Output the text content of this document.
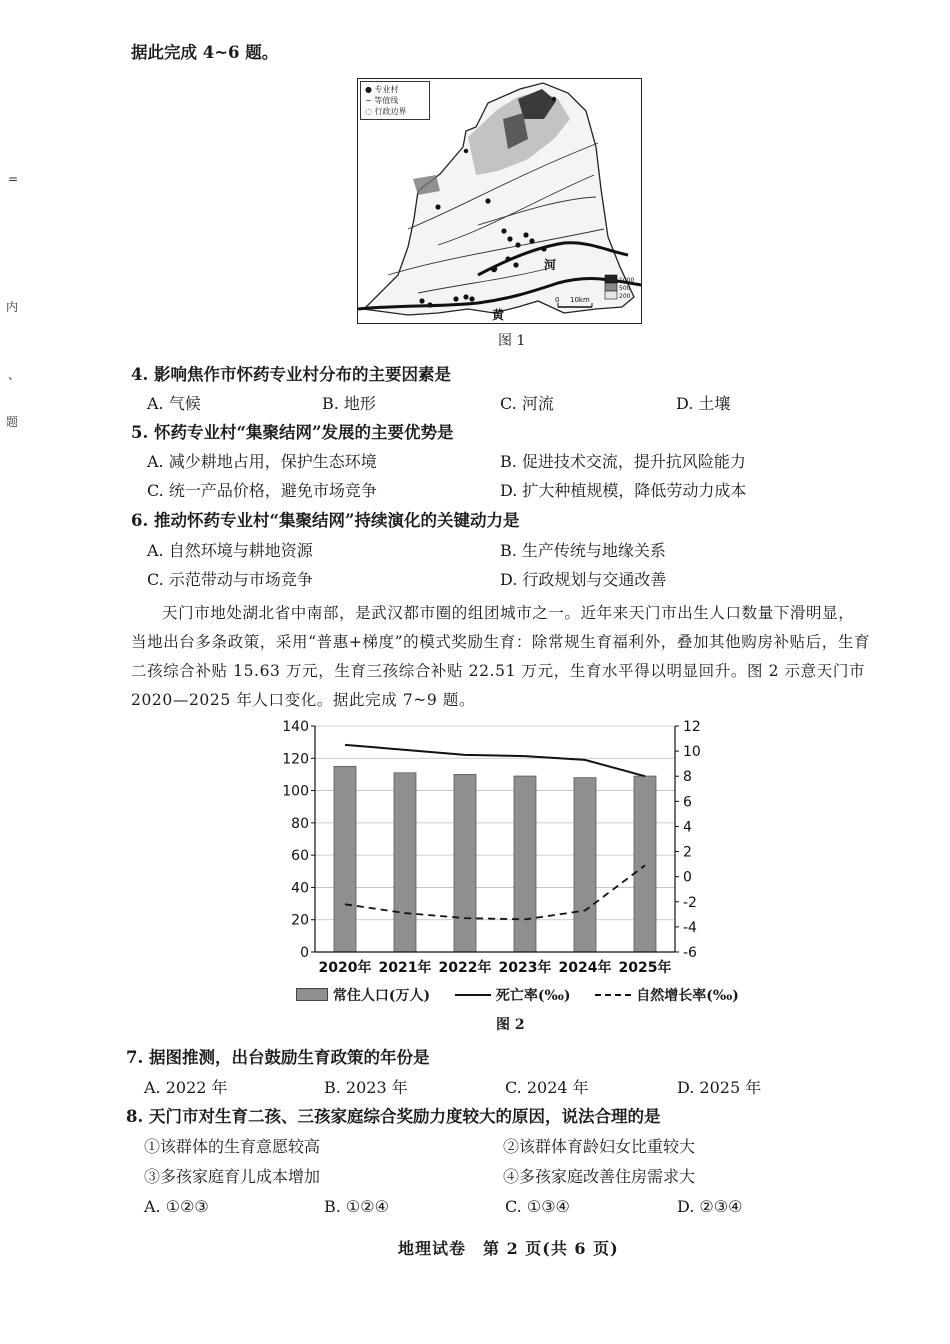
据此完成 4~6 题。
=
内
、
题
河
黄
0 10km
1000
500
200
● 专业村
∽ 等值线
◌ 行政边界
图 1
4. 影响焦作市怀药专业村分布的主要因素是
A. 气候	B. 地形	C. 河流	D. 土壤
5. 怀药专业村“集聚结网”发展的主要优势是
A. 减少耕地占用，保护生态环境	B. 促进技术交流，提升抗风险能力
C. 统一产品价格，避免市场竞争	D. 扩大种植规模，降低劳动力成本
6. 推动怀药专业村“集聚结网”持续演化的关键动力是
A. 自然环境与耕地资源	B. 生产传统与地缘关系
C. 示范带动与市场竞争	D. 行政规划与交通改善
天门市地处湖北省中南部，是武汉都市圈的组团城市之一。近年来天门市出生人口数量下滑明显，
当地出台多条政策，采用“普惠+梯度”的模式奖励生育：除常规生育福利外，叠加其他购房补贴后，生育
二孩综合补贴 15.63 万元，生育三孩综合补贴 22.51 万元，生育水平得以明显回升。图 2 示意天门市
2020—2025 年人口变化。据此完成 7~9 题。
0
20
40
60
80
100
120
140
-6
-4
-2
0
2
4
6
8
10
12
2020年 2021年 2022年 2023年 2024年 2025年
常住人口(万人)	死亡率(‰)	自然增长率(‰)
图 2
7. 据图推测，出台鼓励生育政策的年份是
A. 2022 年	B. 2023 年	C. 2024 年	D. 2025 年
8. 天门市对生育二孩、三孩家庭综合奖励力度较大的原因，说法合理的是
①该群体的生育意愿较高	②该群体育龄妇女比重较大
③多孩家庭育儿成本增加	④多孩家庭改善住房需求大
A. ①②③	B. ①②④	C. ①③④	D. ②③④
地理试卷　第 2 页(共 6 页)
